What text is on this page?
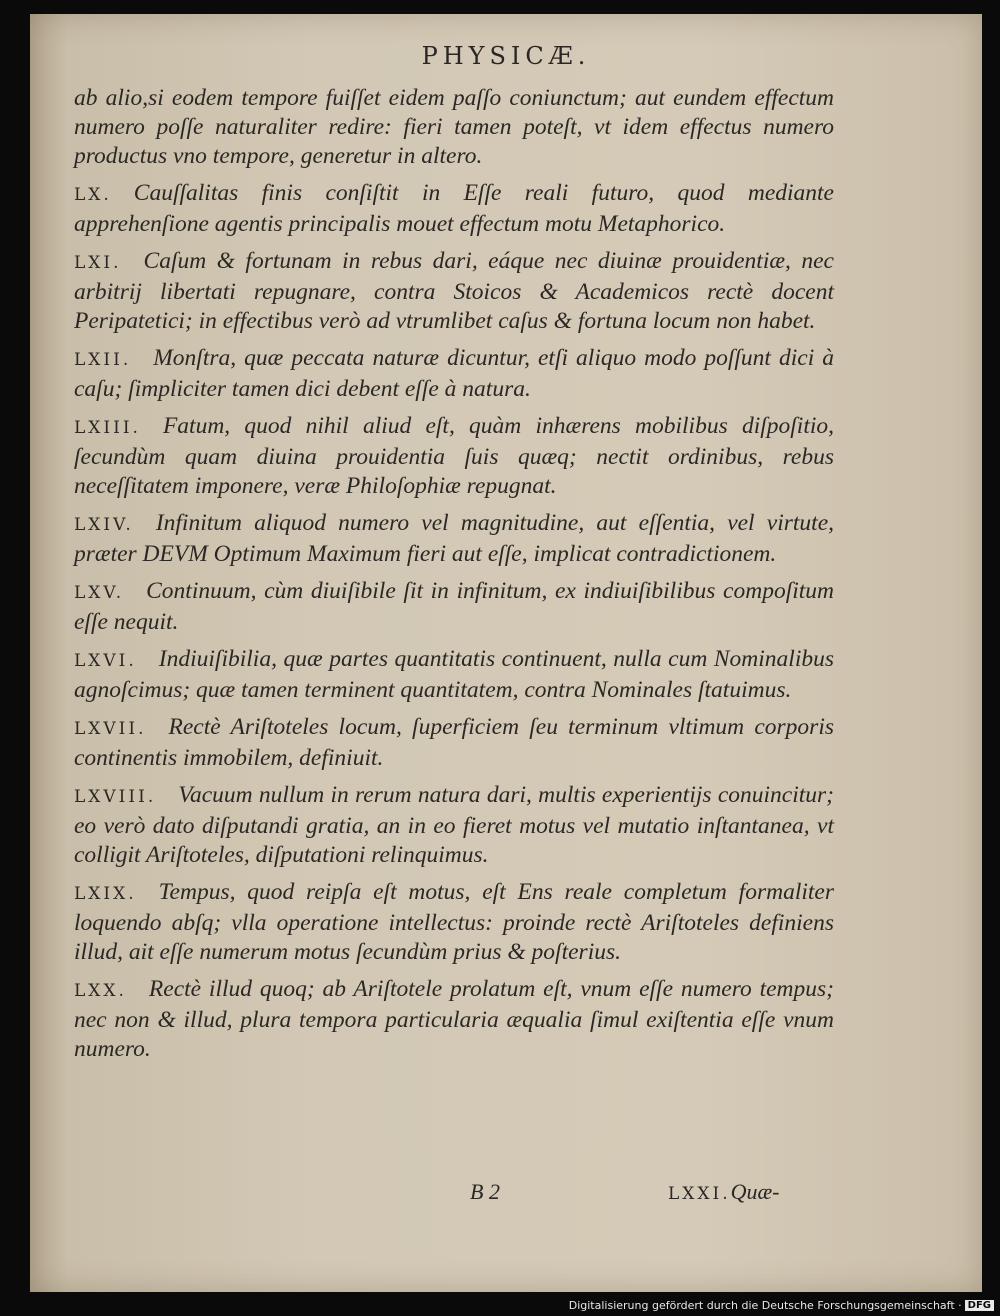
PHYSICÆ.

ab alio,si eodem tempore fuiſſet eidem paſſo coniunctum; aut eundem effectum numero poſſe naturaliter redire: fieri tamen poteſt, vt idem effectus numero productus vno tempore, generetur in altero.

LX. Cauſſalitas finis conſiſtit in Eſſe reali futuro, quod mediante apprehenſione agentis principalis mouet effectum motu Metaphorico.

LXI. Caſum & fortunam in rebus dari, eáque nec diuinæ prouidentiæ, nec arbitrij libertati repugnare, contra Stoicos & Academicos rectè docent Peripatetici; in effectibus verò ad vtrumlibet caſus & fortuna locum non habet.

LXII. Monſtra, quæ peccata naturæ dicuntur, etſi aliquo modo poſſunt dici à caſu; ſimpliciter tamen dici debent eſſe à natura.

LXIII. Fatum, quod nihil aliud eſt, quàm inhærens mobilibus diſpoſitio, ſecundùm quam diuina prouidentia ſuis quæq; nectit ordinibus, rebus neceſſitatem imponere, veræ Philoſophiæ repugnat.

LXIV. Infinitum aliquod numero vel magnitudine, aut eſſentia, vel virtute, præter DEVM Optimum Maximum fieri aut eſſe, implicat contradictionem.

LXV. Continuum, cùm diuiſibile ſit in infinitum, ex indiuiſibilibus compoſitum eſſe nequit.

LXVI. Indiuiſibilia, quæ partes quantitatis continuent, nulla cum Nominalibus agnoſcimus; quæ tamen terminent quantitatem, contra Nominales ſtatuimus.

LXVII. Rectè Ariſtoteles locum, ſuperficiem ſeu terminum vltimum corporis continentis immobilem, definiuit.

LXVIII. Vacuum nullum in rerum natura dari, multis experientijs conuincitur; eo verò dato diſputandi gratia, an in eo fieret motus vel mutatio inſtantanea, vt colligit Ariſtoteles, diſputationi relinquimus.

LXIX. Tempus, quod reipſa eſt motus, eſt Ens reale completum formaliter loquendo abſq; vlla operatione intellectus: proinde rectè Ariſtoteles definiens illud, ait eſſe numerum motus ſecundùm prius & poſterius.

LXX. Rectè illud quoq; ab Ariſtotele prolatum eſt, vnum eſſe numero tempus; nec non & illud, plura tempora particularia æqualia ſimul exiſtentia eſſe vnum numero.

B 2	LXXI.Quæ-
Digitalisierung gefördert durch die Deutsche Forschungsgemeinschaft · DFG
